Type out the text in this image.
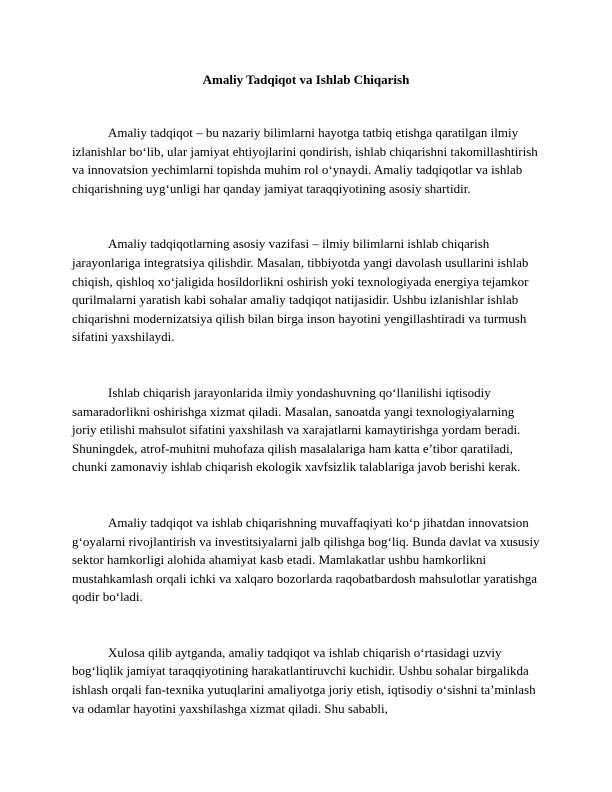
Amaliy Tadqiqot va Ishlab Chiqarish

Amaliy tadqiqot – bu nazariy bilimlarni hayotga tatbiq etishga qaratilgan ilmiy izlanishlar bo‘lib, ular jamiyat ehtiyojlarini qondirish, ishlab chiqarishni takomillashtirish va innovatsion yechimlarni topishda muhim rol o‘ynaydi. Amaliy tadqiqotlar va ishlab chiqarishning uyg‘unligi har qanday jamiyat taraqqiyotining asosiy shartidir.

Amaliy tadqiqotlarning asosiy vazifasi – ilmiy bilimlarni ishlab chiqarish jarayonlariga integratsiya qilishdir. Masalan, tibbiyotda yangi davolash usullarini ishlab chiqish, qishloq xo‘jaligida hosildorlikni oshirish yoki texnologiyada energiya tejamkor qurilmalarni yaratish kabi sohalar amaliy tadqiqot natijasidir. Ushbu izlanishlar ishlab chiqarishni modernizatsiya qilish bilan birga inson hayotini yengillashtiradi va turmush sifatini yaxshilaydi.

Ishlab chiqarish jarayonlarida ilmiy yondashuvning qo‘llanilishi iqtisodiy samaradorlikni oshirishga xizmat qiladi. Masalan, sanoatda yangi texnologiyalarning joriy etilishi mahsulot sifatini yaxshilash va xarajatlarni kamaytirishga yordam beradi. Shuningdek, atrof-muhitni muhofaza qilish masalalariga ham katta e’tibor qaratiladi, chunki zamonaviy ishlab chiqarish ekologik xavfsizlik talablariga javob berishi kerak.

Amaliy tadqiqot va ishlab chiqarishning muvaffaqiyati ko‘p jihatdan innovatsion g‘oyalarni rivojlantirish va investitsiyalarni jalb qilishga bog‘liq. Bunda davlat va xususiy sektor hamkorligi alohida ahamiyat kasb etadi. Mamlakatlar ushbu hamkorlikni mustahkamlash orqali ichki va xalqaro bozorlarda raqobatbardosh mahsulotlar yaratishga qodir bo‘ladi.

Xulosa qilib aytganda, amaliy tadqiqot va ishlab chiqarish o‘rtasidagi uzviy bog‘liqlik jamiyat taraqqiyotining harakatlantiruvchi kuchidir. Ushbu sohalar birgalikda ishlash orqali fan-texnika yutuqlarini amaliyotga joriy etish, iqtisodiy o‘sishni ta’minlash va odamlar hayotini yaxshilashga xizmat qiladi. Shu sababli,
